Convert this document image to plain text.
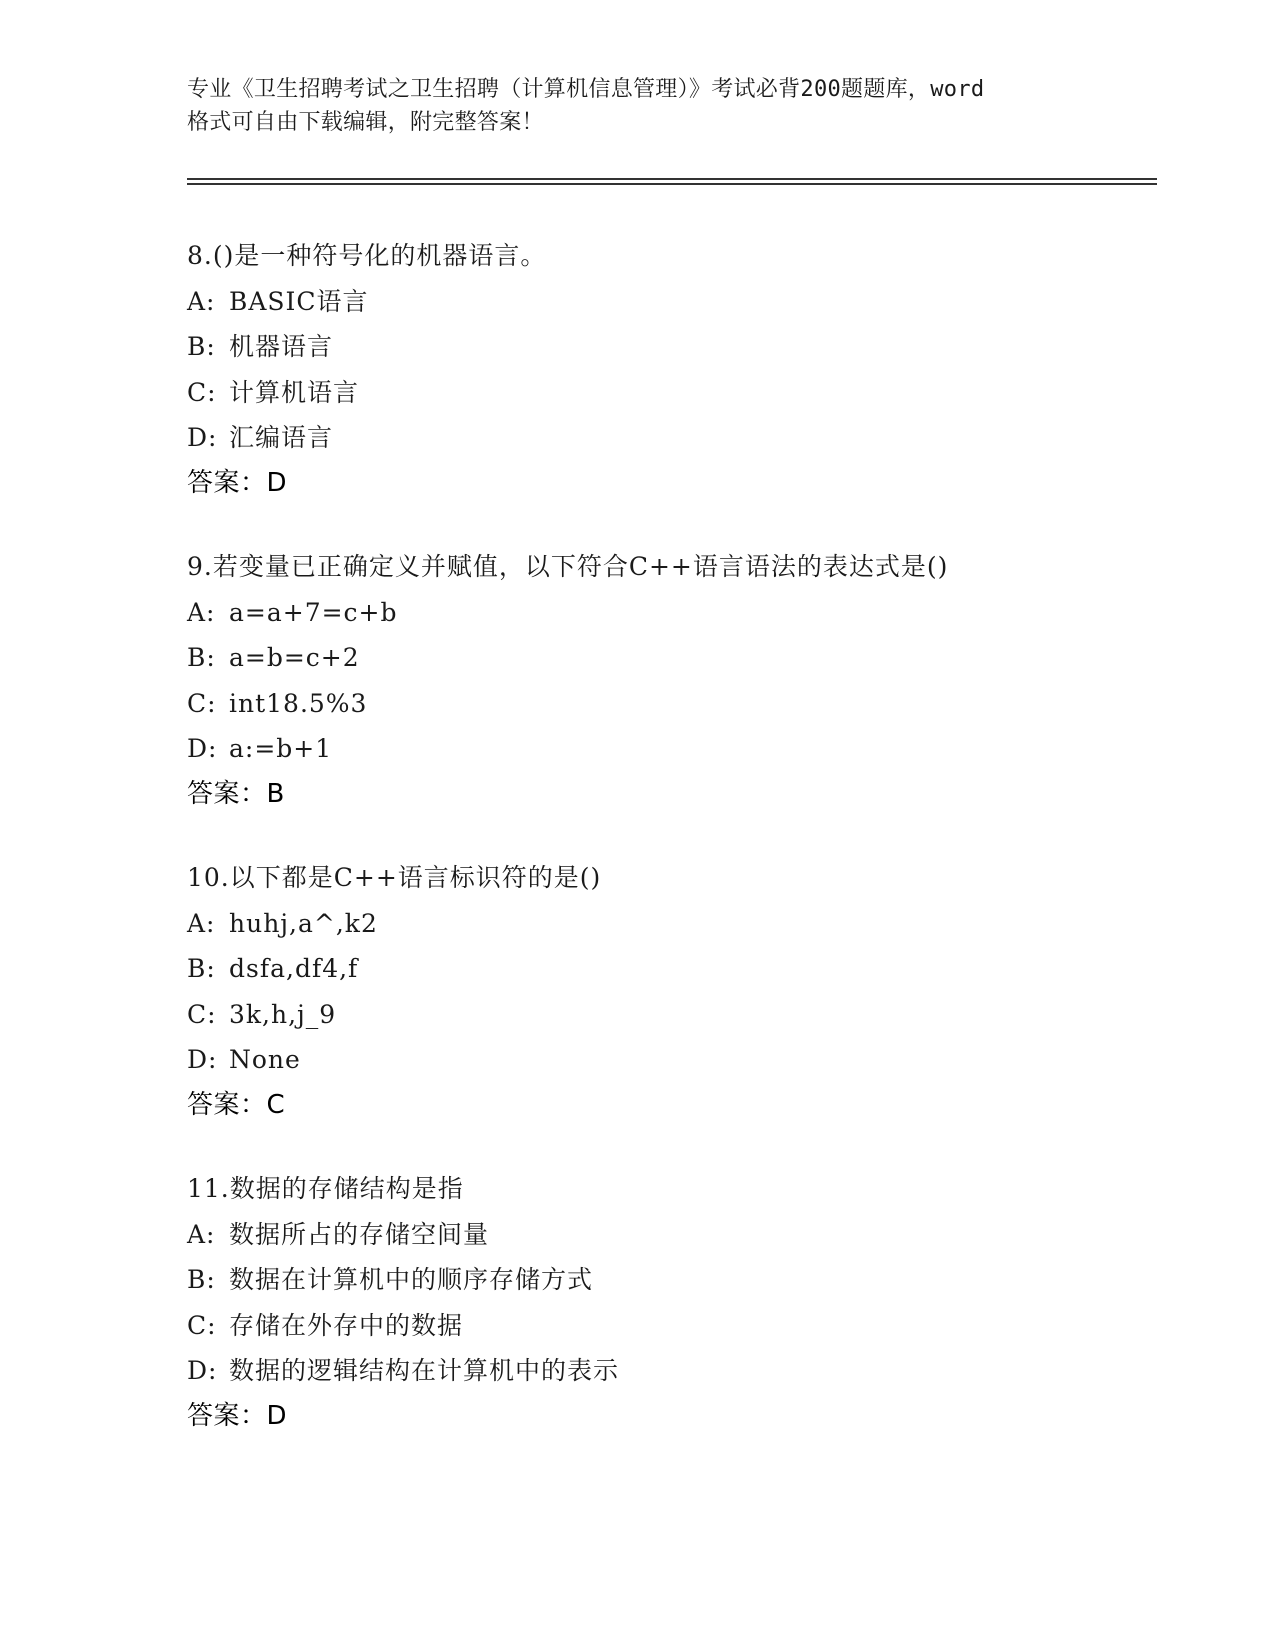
专业《卫生招聘考试之卫生招聘（计算机信息管理）》考试必背200题题库，word
格式可自由下载编辑，附完整答案！
8.()是一种符号化的机器语言。
A: BASIC语言
B: 机器语言
C: 计算机语言
D: 汇编语言
答案：D
9.若变量已正确定义并赋值，以下符合C++语言语法的表达式是()
A: a=a+7=c+b
B: a=b=c+2
C: int18.5%3
D: a:=b+1
答案：B
10.以下都是C++语言标识符的是()
A: huhj,a^,k2
B: dsfa,df4,f
C: 3k,h,j_9
D: None
答案：C
11.数据的存储结构是指
A: 数据所占的存储空间量
B: 数据在计算机中的顺序存储方式
C: 存储在外存中的数据
D: 数据的逻辑结构在计算机中的表示
答案：D
